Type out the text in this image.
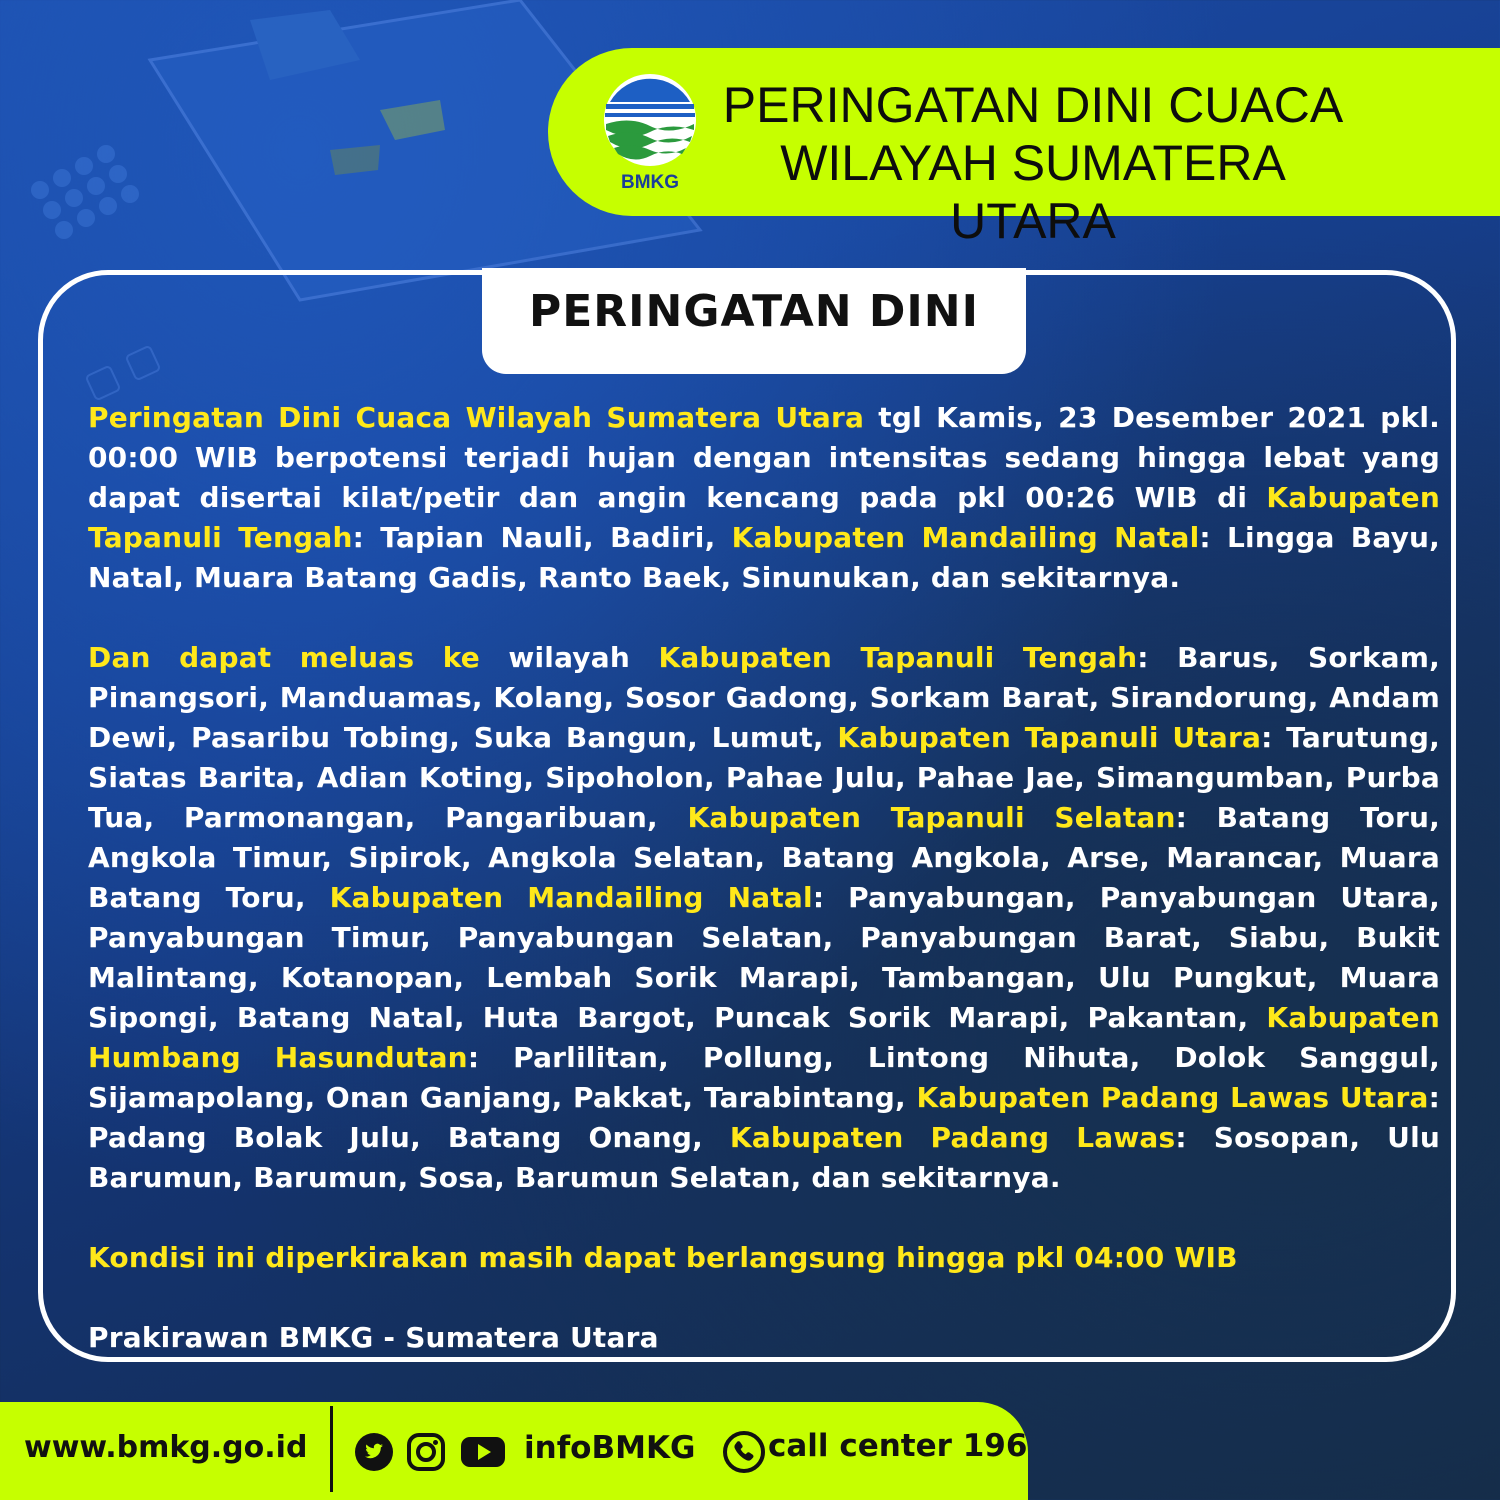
BMKG
PERINGATAN DINI CUACA
WILAYAH SUMATERA UTARA
PERINGATAN DINI

Peringatan Dini Cuaca Wilayah Sumatera Utara tgl Kamis, 23 Desember 2021 pkl. 00:00 WIB berpotensi terjadi hujan dengan intensitas sedang hingga lebat yang dapat disertai kilat/petir dan angin kencang pada pkl 00:26 WIB di Kabupaten Tapanuli Tengah: Tapian Nauli, Badiri, Kabupaten Mandailing Natal: Lingga Bayu, Natal, Muara Batang Gadis, Ranto Baek, Sinunukan, dan sekitarnya.

Dan dapat meluas ke wilayah Kabupaten Tapanuli Tengah: Barus, Sorkam, Pinangsori, Manduamas, Kolang, Sosor Gadong, Sorkam Barat, Sirandorung, Andam Dewi, Pasaribu Tobing, Suka Bangun, Lumut, Kabupaten Tapanuli Utara: Tarutung, Siatas Barita, Adian Koting, Sipoholon, Pahae Julu, Pahae Jae, Simangumban, Purba Tua, Parmonangan, Pangaribuan, Kabupaten Tapanuli Selatan: Batang Toru, Angkola Timur, Sipirok, Angkola Selatan, Batang Angkola, Arse, Marancar, Muara Batang Toru, Kabupaten Mandailing Natal: Panyabungan, Panyabungan Utara, Panyabungan Timur, Panyabungan Selatan, Panyabungan Barat, Siabu, Bukit Malintang, Kotanopan, Lembah Sorik Marapi, Tambangan, Ulu Pungkut, Muara Sipongi, Batang Natal, Huta Bargot, Puncak Sorik Marapi, Pakantan, Kabupaten Humbang Hasundutan: Parlilitan, Pollung, Lintong Nihuta, Dolok Sanggul, Sijamapolang, Onan Ganjang, Pakkat, Tarabintang, Kabupaten Padang Lawas Utara: Padang Bolak Julu, Batang Onang, Kabupaten Padang Lawas: Sosopan, Ulu Barumun, Barumun, Sosa, Barumun Selatan, dan sekitarnya.

Kondisi ini diperkirakan masih dapat berlangsung hingga pkl 04:00 WIB

Prakirawan BMKG - Sumatera Utara

www.bmkg.go.id	infoBMKG call center 196
